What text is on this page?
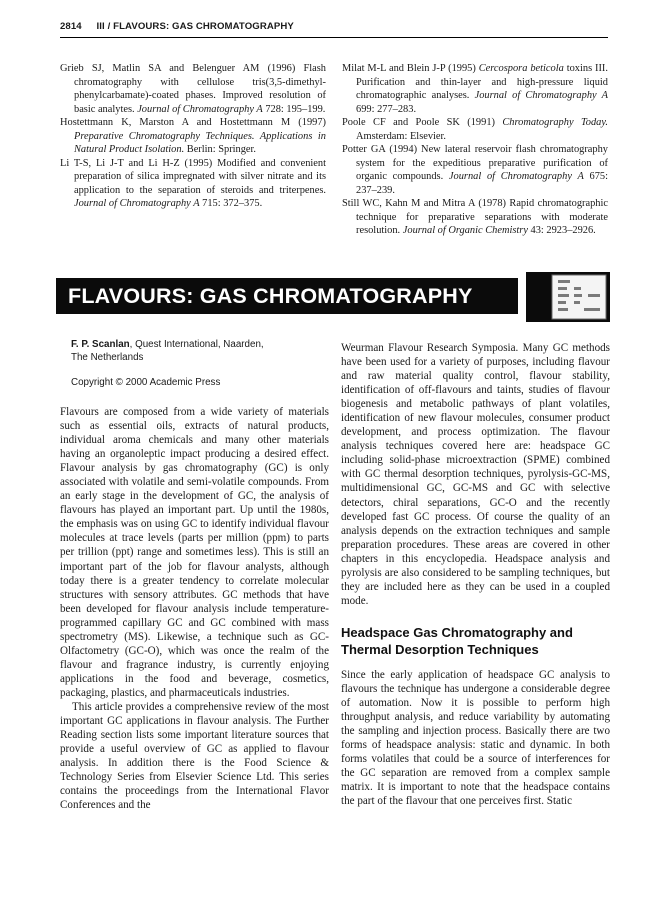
2814 III / FLAVOURS: GAS CHROMATOGRAPHY

Grieb SJ, Matlin SA and Belenguer AM (1996) Flash chromatography with cellulose tris(3,5-dimethyl-phenylcarbamate)-coated phases. Improved resolution of basic analytes. Journal of Chromatography A 728: 195–199.

Hostettmann K, Marston A and Hostettmann M (1997) Preparative Chromatography Techniques. Applications in Natural Product Isolation. Berlin: Springer.

Li T-S, Li J-T and Li H-Z (1995) Modified and convenient preparation of silica impregnated with silver nitrate and its application to the separation of steroids and triterpenes. Journal of Chromatography A 715: 372–375.

Milat M-L and Blein J-P (1995) Cercospora beticola toxins III. Purification and thin-layer and high-pressure liquid chromatographic analyses. Journal of Chromatography A 699: 277–283.

Poole CF and Poole SK (1991) Chromatography Today. Amsterdam: Elsevier.

Potter GA (1994) New lateral reservoir flash chromatography system for the expeditious preparative purification of organic compounds. Journal of Chromatography A 675: 237–239.

Still WC, Kahn M and Mitra A (1978) Rapid chromatographic technique for preparative separations with moderate resolution. Journal of Organic Chemistry 43: 2923–2926.

FLAVOURS: GAS CHROMATOGRAPHY
F. P. Scanlan, Quest International, Naarden,
The Netherlands
Copyright © 2000 Academic Press

Flavours are composed from a wide variety of materials such as essential oils, extracts of natural products, individual aroma chemicals and many other materials having an organoleptic impact producing a desired effect. Flavour analysis by gas chromatography (GC) is only associated with volatile and semi-volatile compounds. From an early stage in the development of GC, the analysis of flavours has played an important part. Up until the 1980s, the emphasis was on using GC to identify individual flavour molecules at trace levels (parts per million (ppm) to parts per trillion (ppt) range and sometimes less). This is still an important part of the job for flavour analysts, although today there is a greater tendency to correlate molecular structures with sensory attributes. GC methods that have been developed for flavour analysis include temperature-programmed capillary GC and GC combined with mass spectrometry (MS). Likewise, a technique such as GC-Olfactometry (GC-O), which was once the realm of the flavour and fragrance industry, is currently enjoying applications in the food and beverage, cosmetics, packaging, plastics, and pharmaceuticals industries.

This article provides a comprehensive review of the most important GC applications in flavour analysis. The Further Reading section lists some important literature sources that provide a useful overview of GC as applied to flavour analysis. In addition there is the Food Science & Technology Series from Elsevier Science Ltd. This series contains the proceedings from the International Flavor Conferences and the

Weurman Flavour Research Symposia. Many GC methods have been used for a variety of purposes, including flavour and raw material quality control, flavour stability, identification of off-flavours and taints, studies of flavour biogenesis and metabolic pathways of plant volatiles, identification of new flavour molecules, consumer product development, and process optimization. The flavour analysis techniques covered here are: headspace GC including solid-phase microextraction (SPME) combined with GC thermal desorption techniques, pyrolysis-GC-MS, multidimensional GC, GC-MS and GC with selective detectors, chiral separations, GC-O and the recently developed fast GC process. Of course the quality of an analysis depends on the extraction techniques and sample preparation procedures. These areas are covered in other chapters in this encyclopedia. Headspace analysis and pyrolysis are also considered to be sampling techniques, but they are included here as they can be used in a coupled mode.

Headspace Gas Chromatography and Thermal Desorption Techniques

Since the early application of headspace GC analysis to flavours the technique has undergone a considerable degree of automation. Now it is possible to perform high throughput analysis, and reduce variability by automating the sampling and injection process. Basically there are two forms of headspace analysis: static and dynamic. In both forms volatiles that could be a source of interferences for the GC separation are removed from a complex sample matrix. It is important to note that the headspace contains the part of the flavour that one perceives first. Static
